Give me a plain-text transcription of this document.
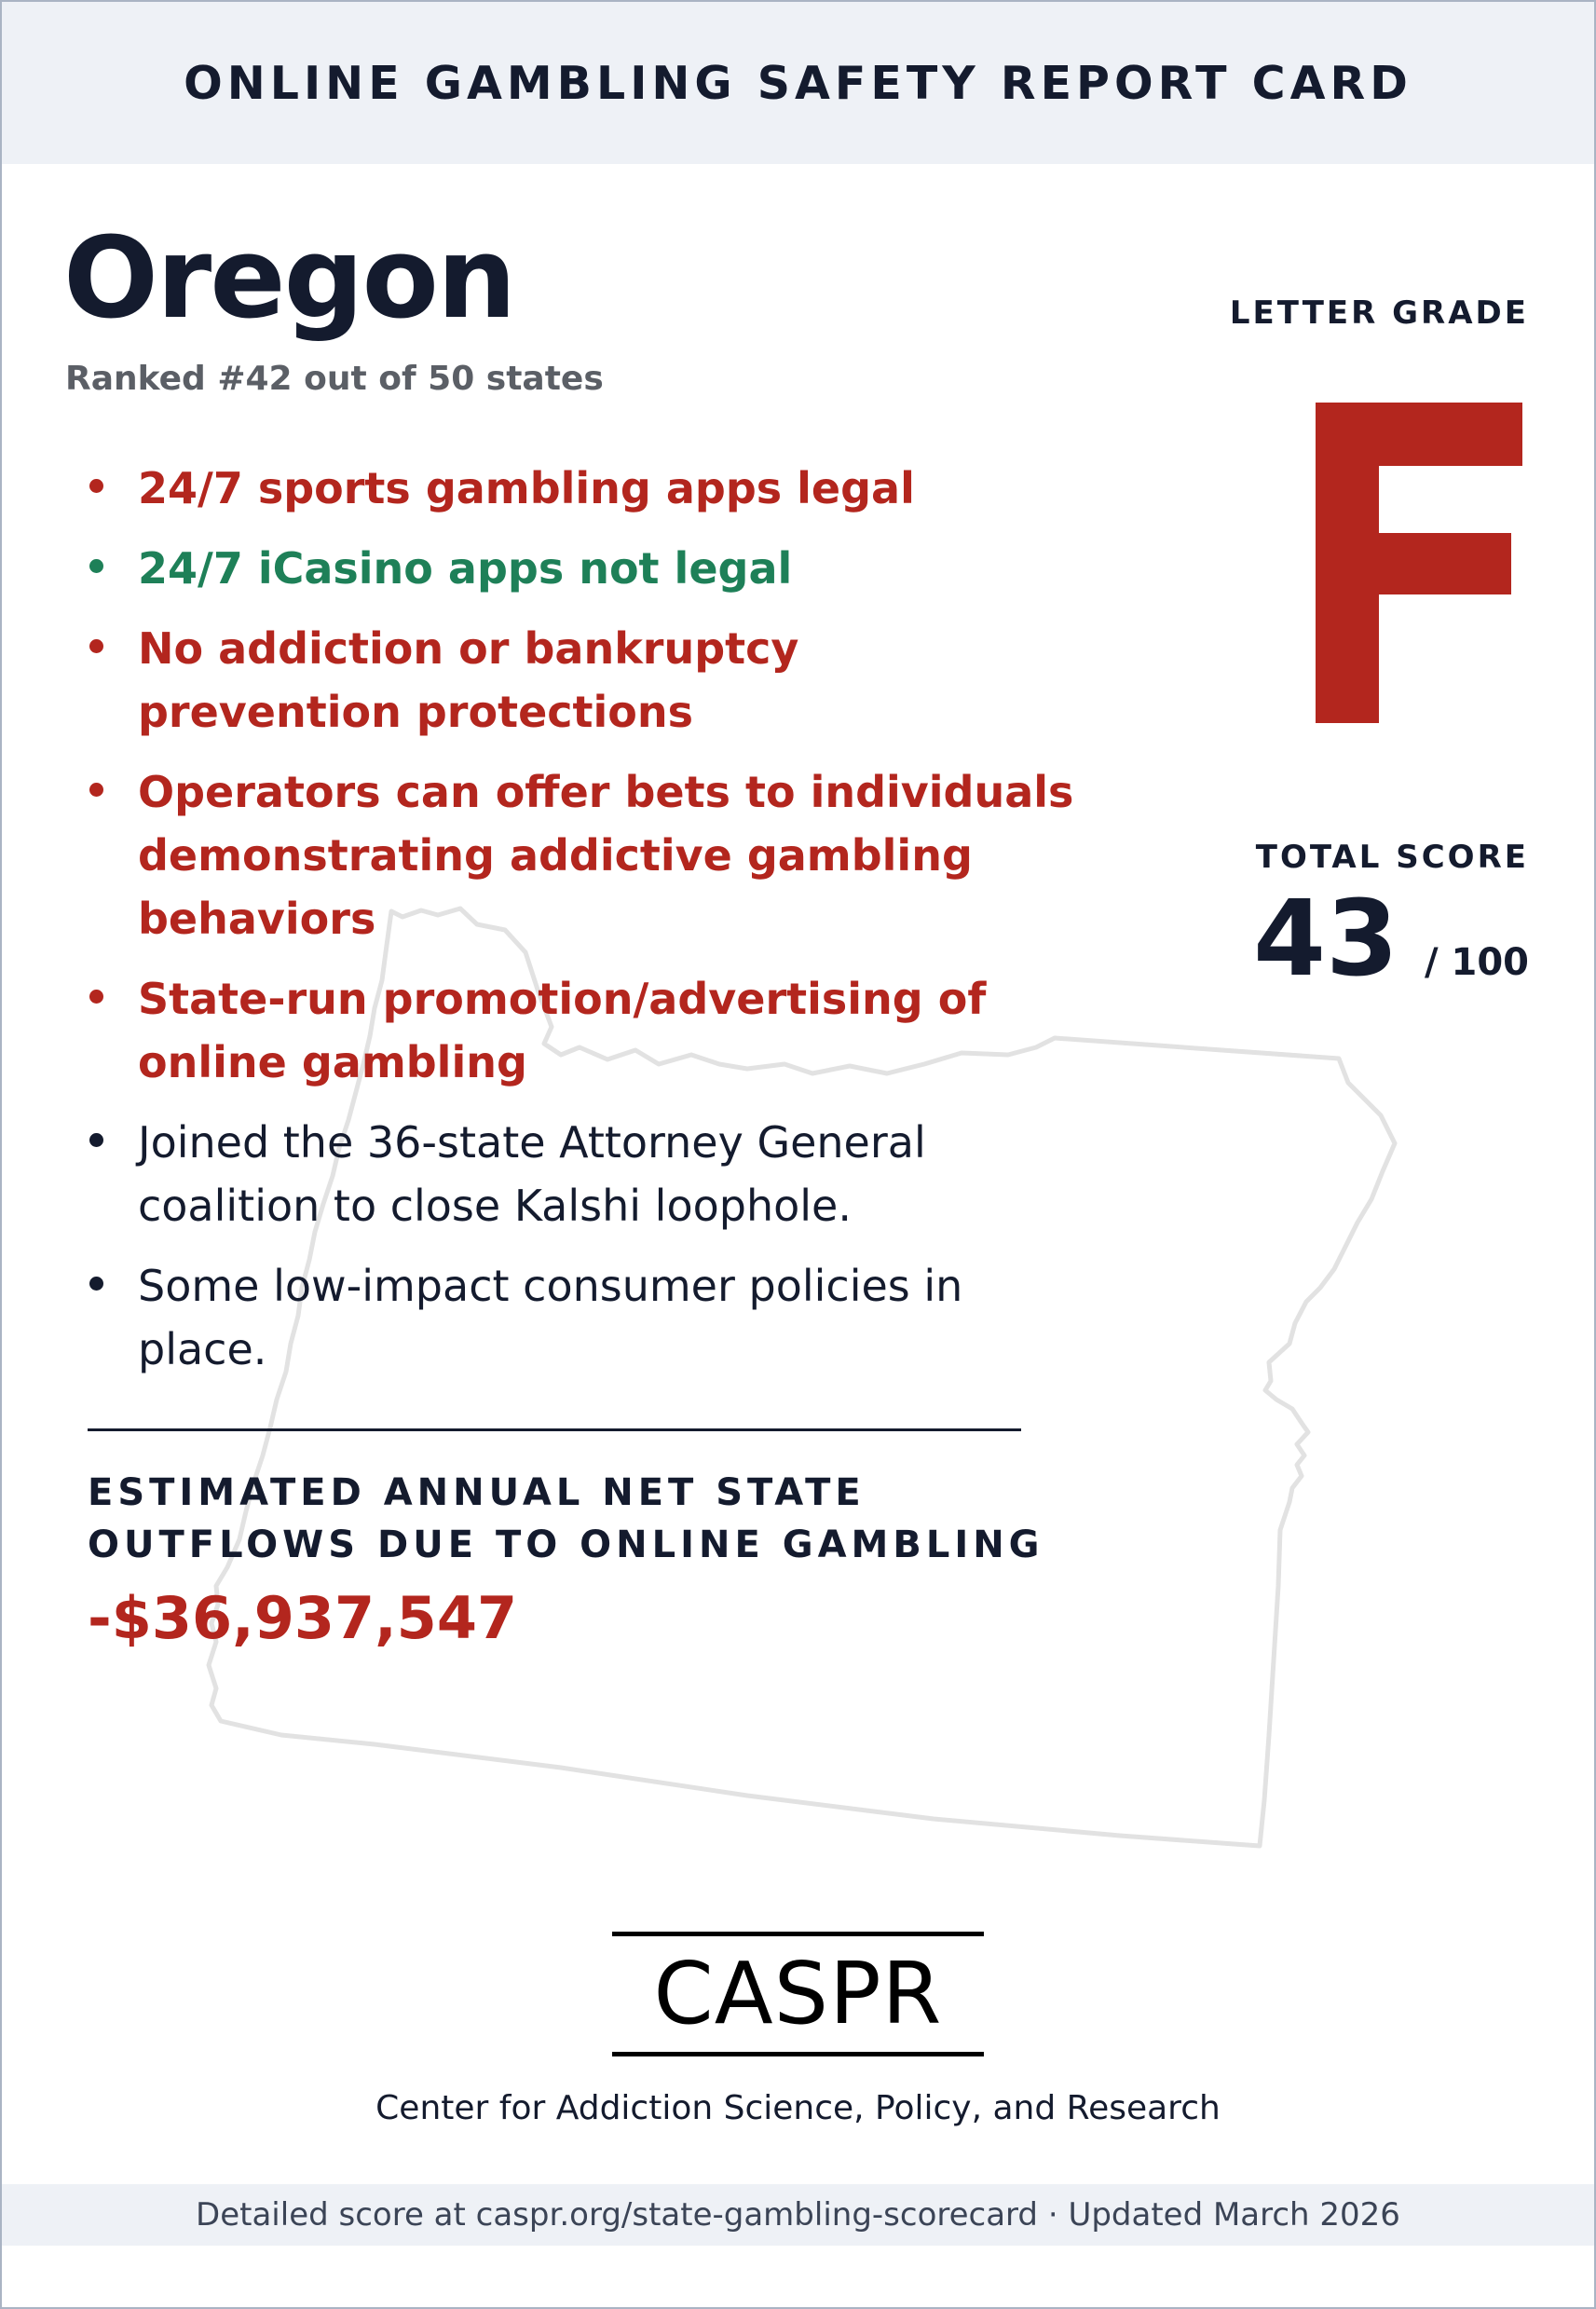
ONLINE GAMBLING SAFETY REPORT CARD
Oregon
Ranked #42 out of 50 states
24/7 sports gambling apps legal
24/7 iCasino apps not legal
No addiction or bankruptcy prevention protections
Operators can offer bets to individuals demonstrating addictive gambling behaviors
State-run promotion/advertising of online gambling
Joined the 36-state Attorney General coalition to close Kalshi loophole.
Some low-impact consumer policies in place.
ESTIMATED ANNUAL NET STATE OUTFLOWS DUE TO ONLINE GAMBLING
-$36,937,547
LETTER GRADE
TOTAL SCORE
43 / 100
CASPR
Center for Addiction Science, Policy, and Research
Detailed score at caspr.org/state-gambling-scorecard · Updated March 2026
